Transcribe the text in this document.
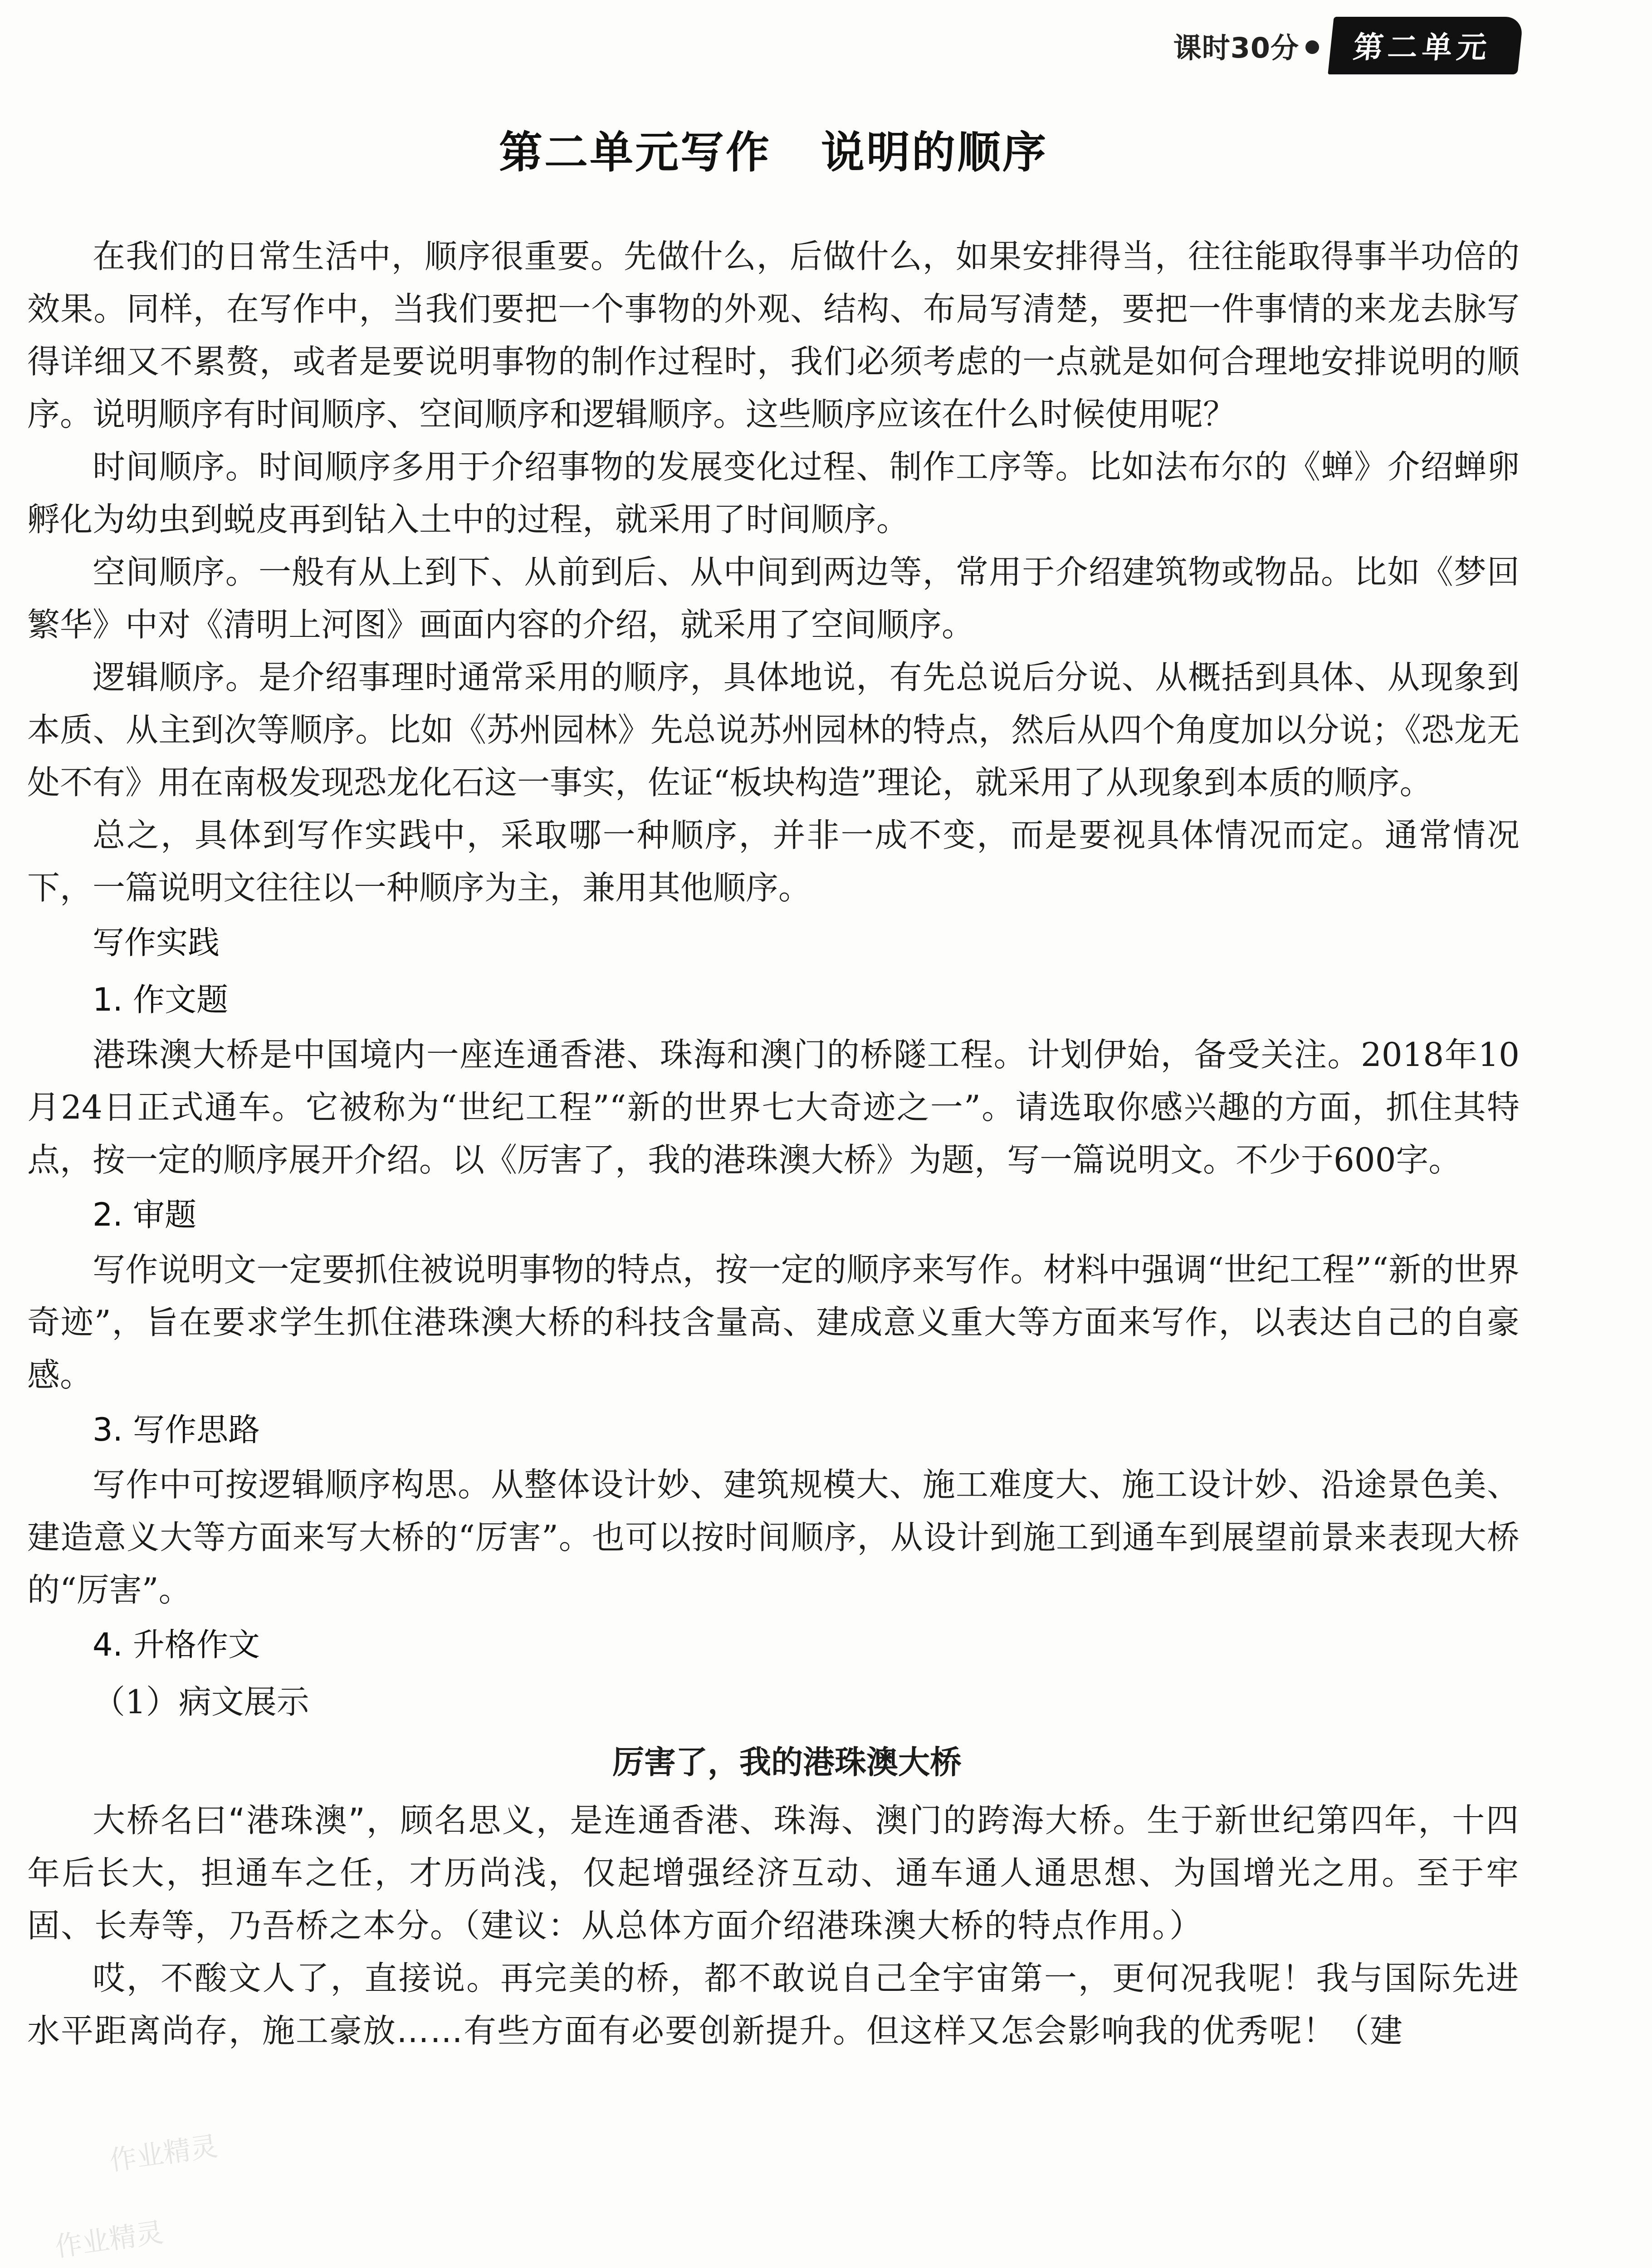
课时30分	第二单元
第二单元写作 说明的顺序

在我们的日常生活中，顺序很重要。先做什么，后做什么，如果安排得当，往往能取得事半功倍的效果。同样，在写作中，当我们要把一个事物的外观、结构、布局写清楚，要把一件事情的来龙去脉写得详细又不累赘，或者是要说明事物的制作过程时，我们必须考虑的一点就是如何合理地安排说明的顺序。说明顺序有时间顺序、空间顺序和逻辑顺序。这些顺序应该在什么时候使用呢？

时间顺序。时间顺序多用于介绍事物的发展变化过程、制作工序等。比如法布尔的《蝉》介绍蝉卵孵化为幼虫到蜕皮再到钻入土中的过程，就采用了时间顺序。

空间顺序。一般有从上到下、从前到后、从中间到两边等，常用于介绍建筑物或物品。比如《梦回繁华》中对《清明上河图》画面内容的介绍，就采用了空间顺序。

逻辑顺序。是介绍事理时通常采用的顺序，具体地说，有先总说后分说、从概括到具体、从现象到本质、从主到次等顺序。比如《苏州园林》先总说苏州园林的特点，然后从四个角度加以分说；《恐龙无处不有》用在南极发现恐龙化石这一事实，佐证“板块构造”理论，就采用了从现象到本质的顺序。

总之，具体到写作实践中，采取哪一种顺序，并非一成不变，而是要视具体情况而定。通常情况下，一篇说明文往往以一种顺序为主，兼用其他顺序。

写作实践
1. 作文题

港珠澳大桥是中国境内一座连通香港、珠海和澳门的桥隧工程。计划伊始，备受关注。2018年10月24日正式通车。它被称为“世纪工程”“新的世界七大奇迹之一”。请选取你感兴趣的方面，抓住其特点，按一定的顺序展开介绍。以《厉害了，我的港珠澳大桥》为题，写一篇说明文。不少于600字。

2. 审题

写作说明文一定要抓住被说明事物的特点，按一定的顺序来写作。材料中强调“世纪工程”“新的世界奇迹”，旨在要求学生抓住港珠澳大桥的科技含量高、建成意义重大等方面来写作，以表达自己的自豪感。

3. 写作思路

写作中可按逻辑顺序构思。从整体设计妙、建筑规模大、施工难度大、施工设计妙、沿途景色美、建造意义大等方面来写大桥的“厉害”。也可以按时间顺序，从设计到施工到通车到展望前景来表现大桥的“厉害”。

4. 升格作文
（1）病文展示
厉害了，我的港珠澳大桥

大桥名曰“港珠澳”，顾名思义，是连通香港、珠海、澳门的跨海大桥。生于新世纪第四年，十四年后长大，担通车之任，才历尚浅，仅起增强经济互动、通车通人通思想、为国增光之用。至于牢固、长寿等，乃吾桥之本分。（建议：从总体方面介绍港珠澳大桥的特点作用。）

哎，不酸文人了，直接说。再完美的桥，都不敢说自己全宇宙第一，更何况我呢！我与国际先进水平距离尚存，施工豪放……有些方面有必要创新提升。但这样又怎会影响我的优秀呢！（建

作业精灵
作业精灵
